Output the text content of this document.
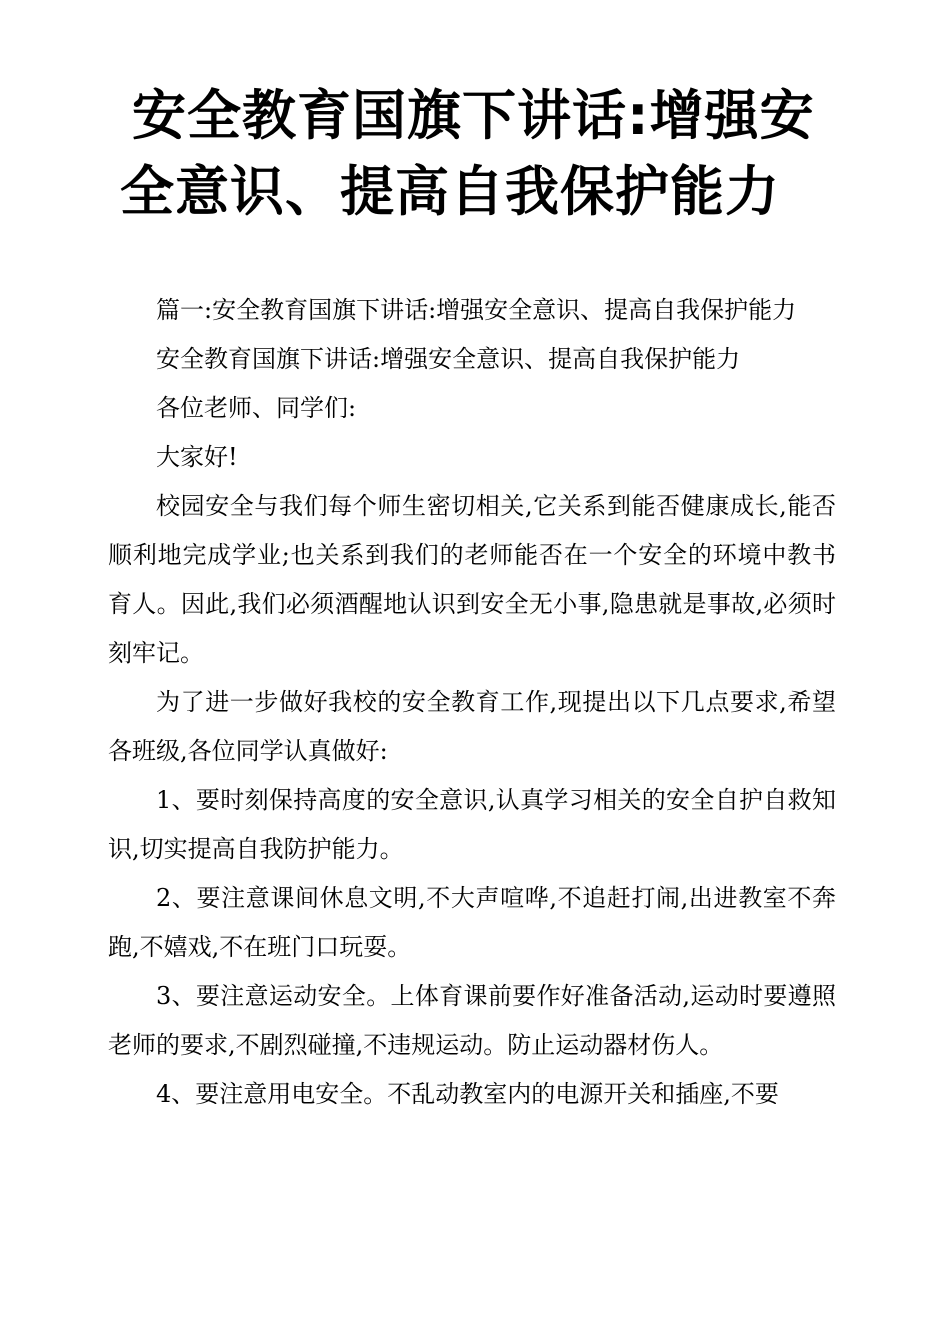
安全教育国旗下讲话:增强安
全意识、提高自我保护能力

篇一:安全教育国旗下讲话:增强安全意识、提高自我保护能力

安全教育国旗下讲话:增强安全意识、提高自我保护能力

各位老师、同学们:

大家好!

校园安全与我们每个师生密切相关,它关系到能否健康成长,能否顺利地完成学业;也关系到我们的老师能否在一个安全的环境中教书育人。因此,我们必须酒醒地认识到安全无小事,隐患就是事故,必须时刻牢记。

为了进一步做好我校的安全教育工作,现提出以下几点要求,希望各班级,各位同学认真做好:

1、要时刻保持高度的安全意识,认真学习相关的安全自护自救知识,切实提高自我防护能力。

2、要注意课间休息文明,不大声喧哗,不追赶打闹,出进教室不奔跑,不嬉戏,不在班门口玩耍。

3、要注意运动安全。上体育课前要作好准备活动,运动时要遵照老师的要求,不剧烈碰撞,不违规运动。防止运动器材伤人。

4、要注意用电安全。不乱动教室内的电源开关和插座,不要
